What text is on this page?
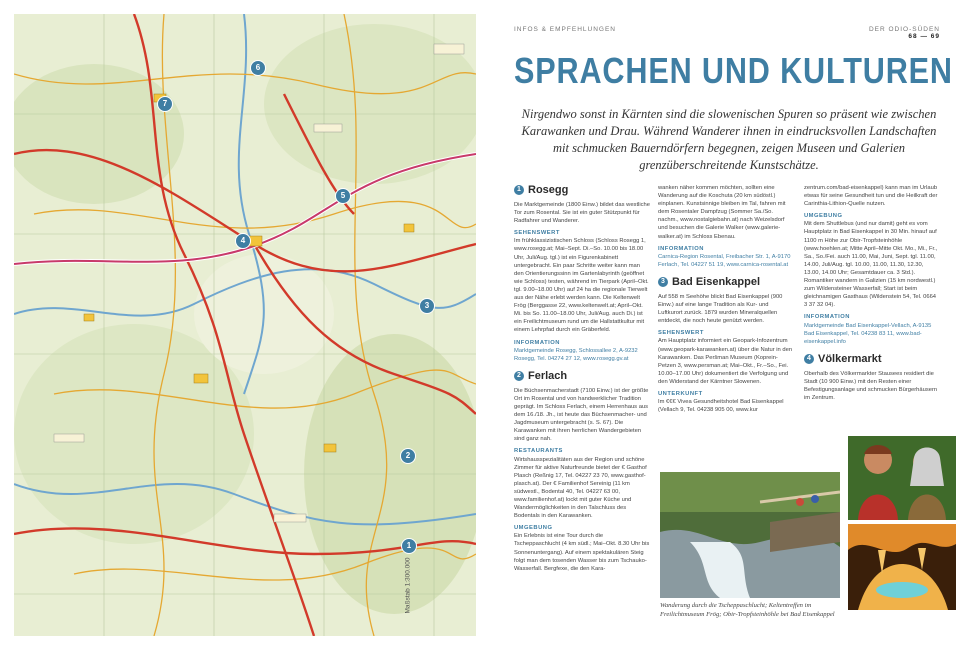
1
2
3
4
5
6
7
Maßstab 1:300.000
INFOS & EMPFEHLUNGEN	DER ODIO-SÜDEN
68 — 69
SPRACHEN UND KULTUREN
Nirgendwo sonst in Kärnten sind die slowenischen Spuren so präsent wie zwischen Karawanken und Drau. Während Wanderer ihnen in eindrucksvollen Landschaften mit schmucken Bauerndörfern begegnen, zeigen Museen und Galerien grenzüberschreitende Kunstschätze.
1 Rosegg

Die Marktgemeinde (1800 Einw.) bildet das westliche Tor zum Rosental. Sie ist ein guter Stützpunkt für Radfahrer und Wanderer.

SEHENSWERT

Im frühklassizistischen Schloss (Schloss Rosegg 1, www.rosegg.at; Mai–Sept. Di.–So. 10.00 bis 18.00 Uhr, Juli/Aug. tgl.) ist ein Figurenkabinett untergebracht. Ein paar Schritte weiter kann man den Orientierungssinn im Gartenlabyrinth (geöffnet wie Schloss) testen, während im Tierpark (April–Okt. tgl. 9.00–18.00 Uhr) auf 24 ha die regionale Tierwelt aus der Nähe erlebt werden kann. Die Keltenwelt Frög (Berggasse 22, www.keltenwelt.at; April–Okt. Mi. bis So. 11.00–18.00 Uhr, Juli/Aug. auch Di.) ist ein Freilichtmuseum rund um die Hallstattkultur mit einem Lehrpfad durch ein Gräberfeld.

INFORMATION

Marktgemeinde Rosegg, Schlossallee 2, A-9232 Rosegg, Tel. 04274 27 12, www.rosegg.gv.at

2 Ferlach

Die Büchsenmacherstadt (7100 Einw.) ist der größte Ort im Rosental und von handwerklicher Tradition geprägt. Im Schloss Ferlach, einem Herrenhaus aus dem 16./18. Jh., ist heute das Büchsenmacher- und Jagdmuseum untergebracht (s. S. 67). Die Karawanken mit ihren herrlichen Wandergebieten sind ganz nah.

RESTAURANTS

Wirtshausspezialitäten aus der Region und schöne Zimmer für aktive Naturfreunde bietet der € Gasthof Plasch (Reßnig 17, Tel. 04227 23 70, www.gasthof-plasch.at). Der € Familienhof Sereinig (11 km südwestl., Bodental 40, Tel. 04227 63 00, www.familienhof.at) lockt mit guter Küche und Wandermöglichkeiten in den Talschluss des Bodentals in den Karawanken.

UMGEBUNG

Ein Erlebnis ist eine Tour durch die Tscheppaschlucht (4 km südl.; Mai–Okt. 8.30 Uhr bis Sonnenuntergang). Auf einem spektakulären Steig folgt man dem tosenden Wasser bis zum Tschauko-Wasserfall. Bergfexe, die den Kara-

wanken näher kommen möchten, sollten eine Wanderung auf die Koschuta (20 km südöstl.) einplanen. Kunstsinnige bleiben im Tal, fahren mit dem Rosentaler Dampfzug (Sommer Sa./So. nachm., www.nostalgiebahn.at) nach Weizelsdorf und besuchen die Galerie Walker (www.galerie-walker.at) im Schloss Ebenau.

INFORMATION

Carnica-Region Rosental, Freibacher Str. 1, A-9170 Ferlach, Tel. 04227 51 19, www.carnica-rosental.at

3 Bad Eisenkappel

Auf 558 m Seehöhe blickt Bad Eisenkappel (900 Einw.) auf eine lange Tradition als Kur- und Luftkurort zurück. 1879 wurden Mineralquellen entdeckt, die noch heute genützt werden.

SEHENSWERT

Am Hauptplatz informiert ein Geopark-Infozentrum (www.geopark-karawanken.at) über die Natur in den Karawanken. Das Peršman Museum (Koprein-Petzen 3, www.persman.at; Mai–Okt., Fr.–So., Fei. 10.00–17.00 Uhr) dokumentiert die Verfolgung und den Widerstand der Kärntner Slowenen.

UNTERKUNFT

Im €€€ Vivea Gesundheitshotel Bad Eisenkappel (Vellach 9, Tel. 04238 905 00, www.kur

zentrum.com/bad-eisenkappel) kann man im Urlaub etwas für seine Gesundheit tun und die Heilkraft der Carinthia-Lithion-Quelle nutzen.

UMGEBUNG

Mit dem Shuttlebus (und nur damit) geht es vom Hauptplatz in Bad Eisenkappel in 30 Min. hinauf auf 1100 m Höhe zur Obir-Tropfsteinhöhle (www.hoehlen.at; Mitte April–Mitte Okt. Mo., Mi., Fr., Sa., So./Fei. auch 11.00, Mai, Juni, Sept. tgl. 11.00, 14.00, Juli/Aug. tgl. 10.00, 11.00, 11.30, 12.30, 13.00, 14.00 Uhr; Gesamtdauer ca. 3 Std.). Romantiker wandern in Galizien (15 km nordwestl.) zum Wildensteiner Wasserfall; Start ist beim gleichnamigen Gasthaus (Wildenstein 54, Tel. 0664 3 37 32 04).

INFORMATION

Marktgemeinde Bad Eisenkappel-Vellach, A-9135 Bad Eisenkappel, Tel. 04238 83 11, www.bad-eisenkappel.info

4 Völkermarkt

Oberhalb des Völkermarkter Stausees residiert die Stadt (10 900 Einw.) mit den Resten einer Befestigungsanlage und schmucken Bürgerhäusern im Zentrum.

Wanderung durch die Tscheppaschlucht; Keltentreffen im Freilichtmuseum Frög; Obir-Tropfsteinhöhle bei Bad Eisenkappel
